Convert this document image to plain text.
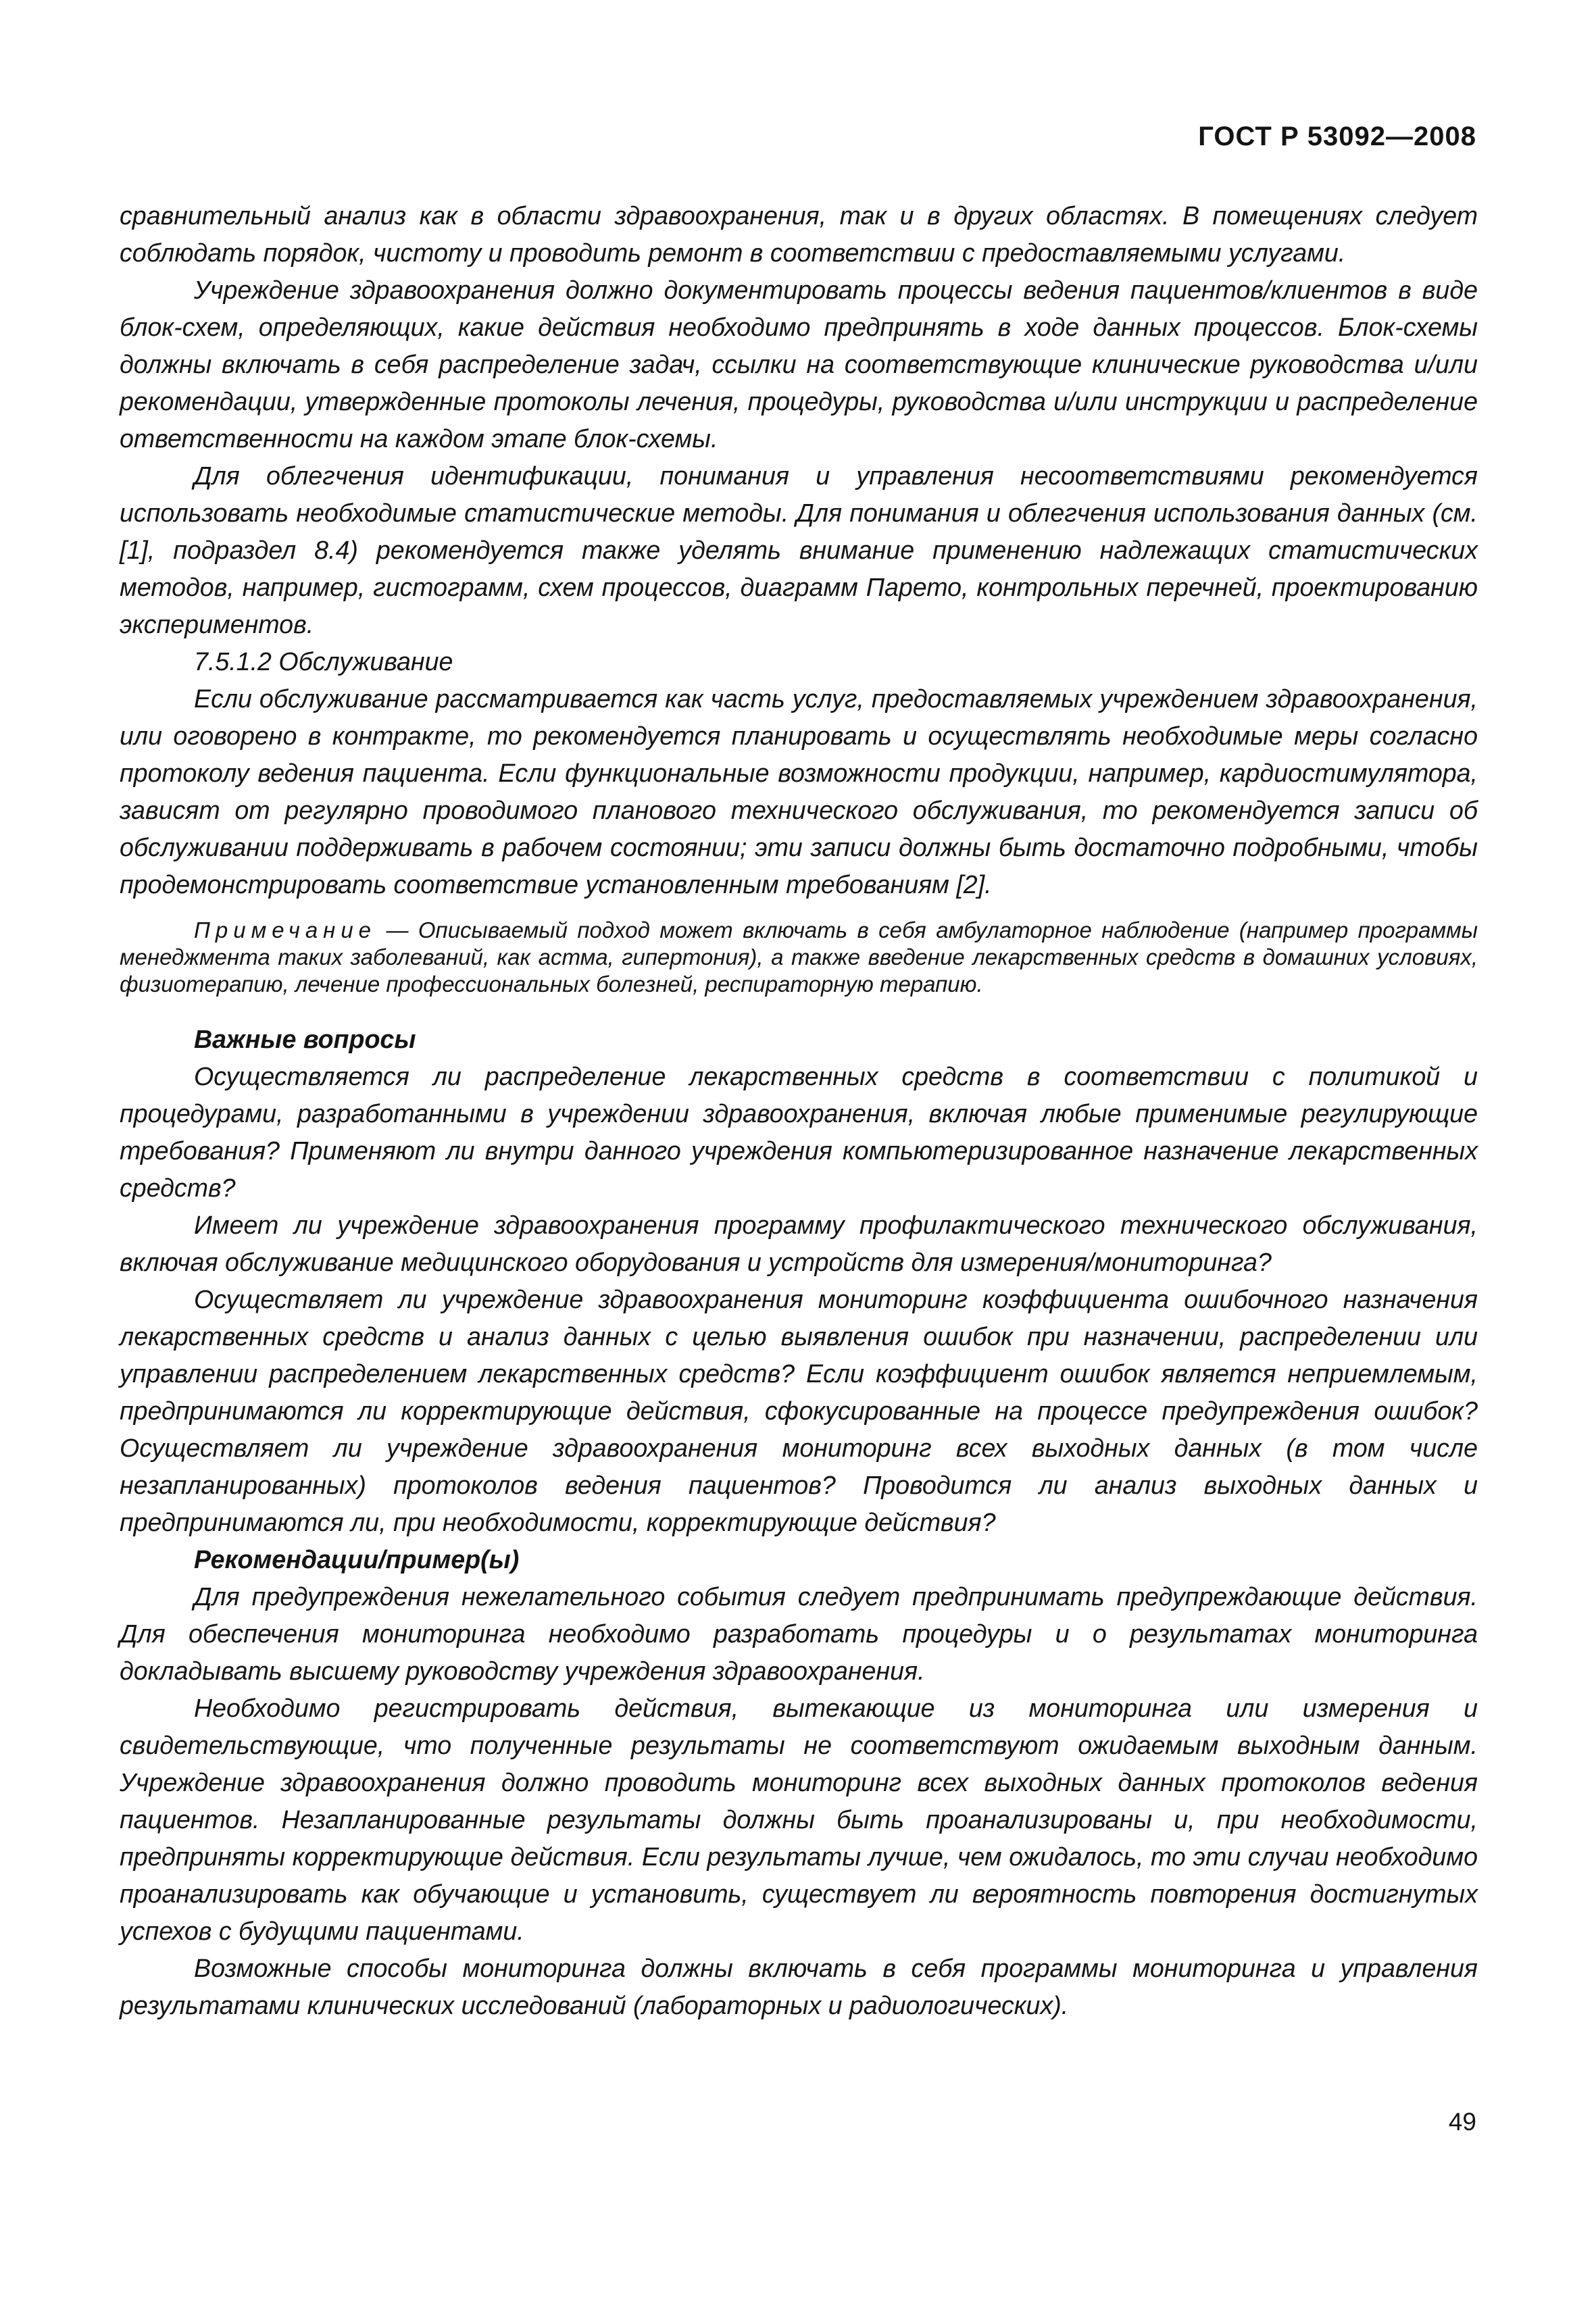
ГОСТ Р 53092—2008

сравнительный анализ как в области здравоохранения, так и в других областях. В помещениях следует соблюдать порядок, чистоту и проводить ремонт в соответствии с предоставляемыми услугами.

Учреждение здравоохранения должно документировать процессы ведения пациентов/клиентов в виде блок-схем, определяющих, какие действия необходимо предпринять в ходе данных процессов. Блок-схемы должны включать в себя распределение задач, ссылки на соответствующие клинические руководства и/или рекомендации, утвержденные протоколы лечения, процедуры, руководства и/или инструкции и распределение ответственности на каждом этапе блок-схемы.

Для облегчения идентификации, понимания и управления несоответствиями рекомендуется использовать необходимые статистические методы. Для понимания и облегчения использования данных (см. [1], подраздел 8.4) рекомендуется также уделять внимание применению надлежащих статистических методов, например, гистограмм, схем процессов, диаграмм Парето, контрольных перечней, проектированию экспериментов.

7.5.1.2 Обслуживание

Если обслуживание рассматривается как часть услуг, предоставляемых учреждением здравоохранения, или оговорено в контракте, то рекомендуется планировать и осуществлять необходимые меры согласно протоколу ведения пациента. Если функциональные возможности продукции, например, кардиостимулятора, зависят от регулярно проводимого планового технического обслуживания, то рекомендуется записи об обслуживании поддерживать в рабочем состоянии; эти записи должны быть достаточно подробными, чтобы продемонстрировать соответствие установленным требованиям [2].

Примечание — Описываемый подход может включать в себя амбулаторное наблюдение (например программы менеджмента таких заболеваний, как астма, гипертония), а также введение лекарственных средств в домашних условиях, физиотерапию, лечение профессиональных болезней, респираторную терапию.

Важные вопросы

Осуществляется ли распределение лекарственных средств в соответствии с политикой и процедурами, разработанными в учреждении здравоохранения, включая любые применимые регулирующие требования? Применяют ли внутри данного учреждения компьютеризированное назначение лекарственных средств?

Имеет ли учреждение здравоохранения программу профилактического технического обслуживания, включая обслуживание медицинского оборудования и устройств для измерения/мониторинга?

Осуществляет ли учреждение здравоохранения мониторинг коэффициента ошибочного назначения лекарственных средств и анализ данных с целью выявления ошибок при назначении, распределении или управлении распределением лекарственных средств? Если коэффициент ошибок является неприемлемым, предпринимаются ли корректирующие действия, сфокусированные на процессе предупреждения ошибок? Осуществляет ли учреждение здравоохранения мониторинг всех выходных данных (в том числе незапланированных) протоколов ведения пациентов? Проводится ли анализ выходных данных и предпринимаются ли, при необходимости, корректирующие действия?

Рекомендации/пример(ы)

Для предупреждения нежелательного события следует предпринимать предупреждающие действия. Для обеспечения мониторинга необходимо разработать процедуры и о результатах мониторинга докладывать высшему руководству учреждения здравоохранения.

Необходимо регистрировать действия, вытекающие из мониторинга или измерения и свидетельствующие, что полученные результаты не соответствуют ожидаемым выходным данным. Учреждение здравоохранения должно проводить мониторинг всех выходных данных протоколов ведения пациентов. Незапланированные результаты должны быть проанализированы и, при необходимости, предприняты корректирующие действия. Если результаты лучше, чем ожидалось, то эти случаи необходимо проанализировать как обучающие и установить, существует ли вероятность повторения достигнутых успехов с будущими пациентами.

Возможные способы мониторинга должны включать в себя программы мониторинга и управления результатами клинических исследований (лабораторных и радиологических).

49
